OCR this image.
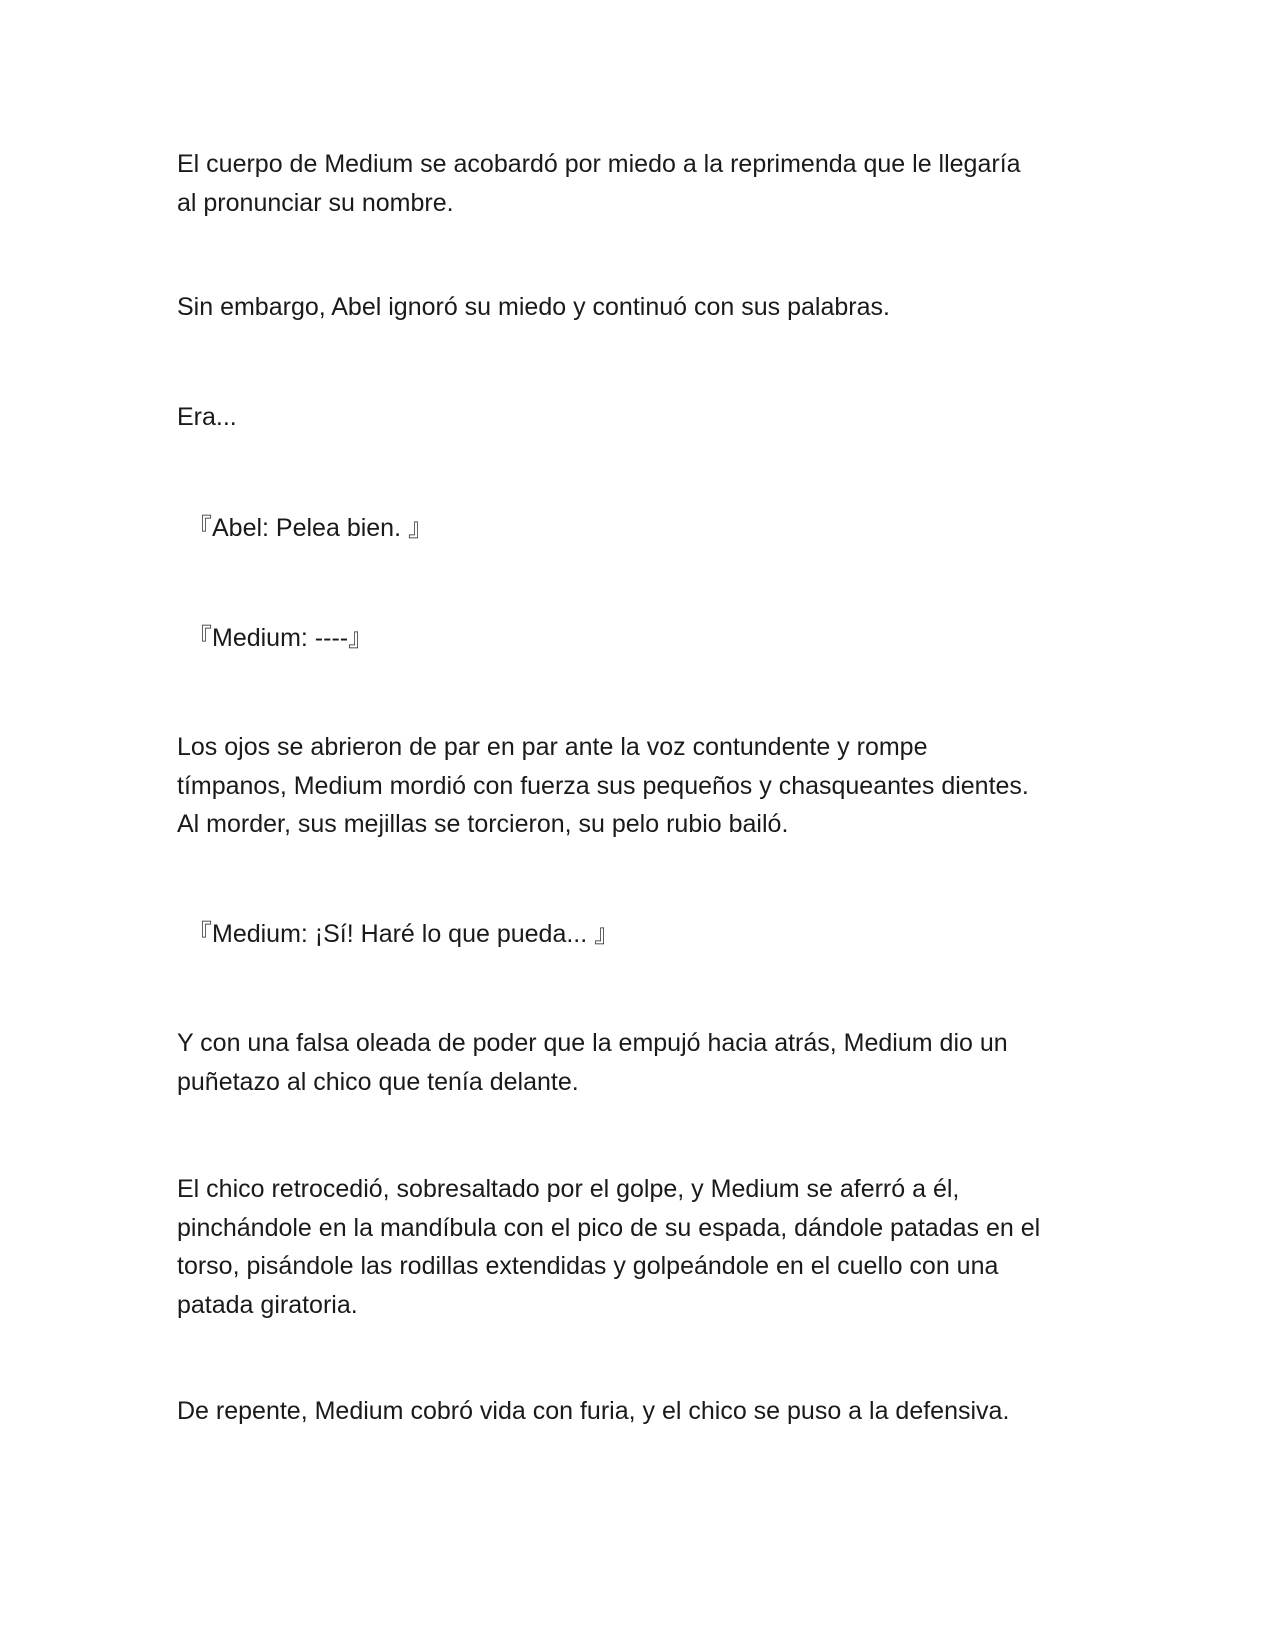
El cuerpo de Medium se acobardó por miedo a la reprimenda que le llegaría
al pronunciar su nombre.

Sin embargo, Abel ignoró su miedo y continuó con sus palabras.

Era...

『Abel: Pelea bien. 』

『Medium: ----』

Los ojos se abrieron de par en par ante la voz contundente y rompe
tímpanos, Medium mordió con fuerza sus pequeños y chasqueantes dientes.
Al morder, sus mejillas se torcieron, su pelo rubio bailó.

『Medium: ¡Sí! Haré lo que pueda... 』

Y con una falsa oleada de poder que la empujó hacia atrás, Medium dio un
puñetazo al chico que tenía delante.

El chico retrocedió, sobresaltado por el golpe, y Medium se aferró a él,
pinchándole en la mandíbula con el pico de su espada, dándole patadas en el
torso, pisándole las rodillas extendidas y golpeándole en el cuello con una
patada giratoria.

De repente, Medium cobró vida con furia, y el chico se puso a la defensiva.
